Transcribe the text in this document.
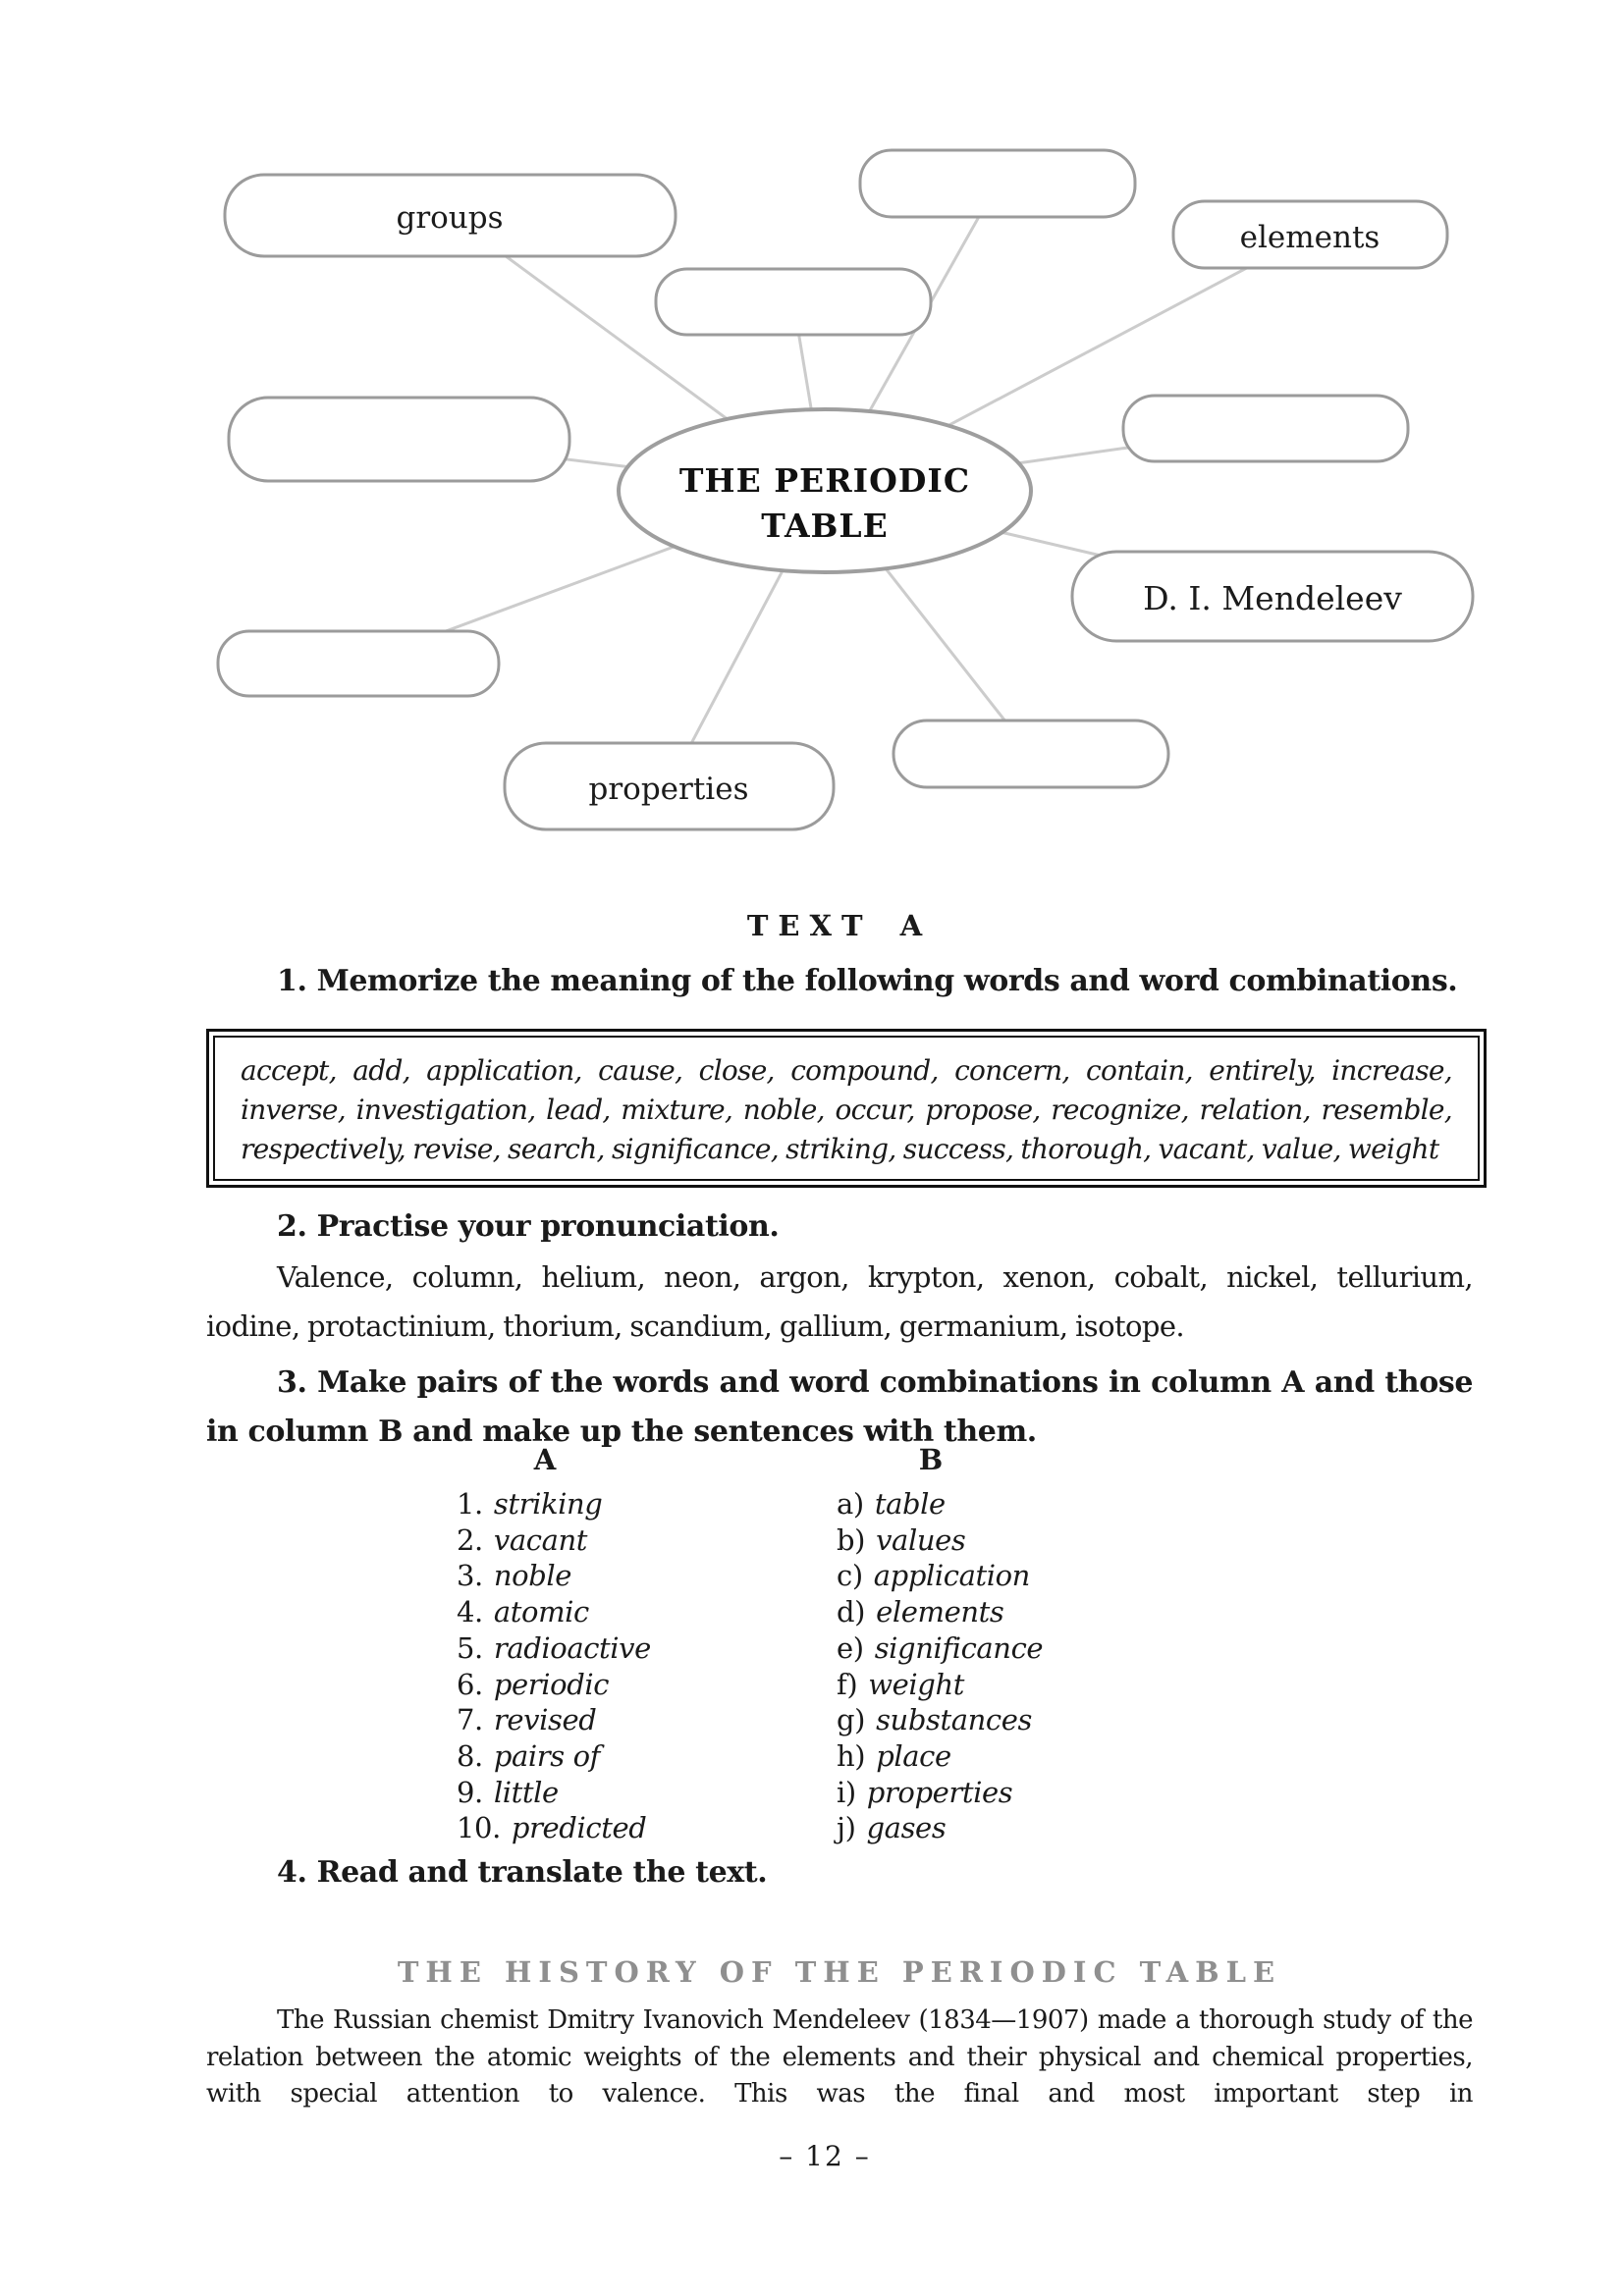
groups
elements
D. I. Mendeleev
properties
THE PERIODIC
TABLE
TEXT A
1. Memorize the meaning of the following words and word combinations.
accept, add, application, cause, close, compound, concern, contain, entirely, increase, inverse, investigation, lead, mixture, noble, occur, propose, recognize, relation, resemble, respectively, revise, search, significance, striking, success, thorough, vacant, value, weight
2. Practise your pronunciation.
Valence, column, helium, neon, argon, krypton, xenon, cobalt, nickel, tellurium, iodine, protactinium, thorium, scandium, gallium, germanium, isotope.
3. Make pairs of the words and word combinations in column A and those in column B and make up the sentences with them.
A	B
1. striking
2. vacant
3. noble
4. atomic
5. radioactive
6. periodic
7. revised
8. pairs of
9. little
10. predicted
a) table
b) values
c) application
d) elements
e) significance
f) weight
g) substances
h) place
i) properties
j) gases
4. Read and translate the text.
THE HISTORY OF THE PERIODIC TABLE
The Russian chemist Dmitry Ivanovich Mendeleev (1834—1907) made a thorough study of the relation between the atomic weights of the elements and their physical and chemical properties, with special attention to valence. This was the final and most important step in
– 12 –
